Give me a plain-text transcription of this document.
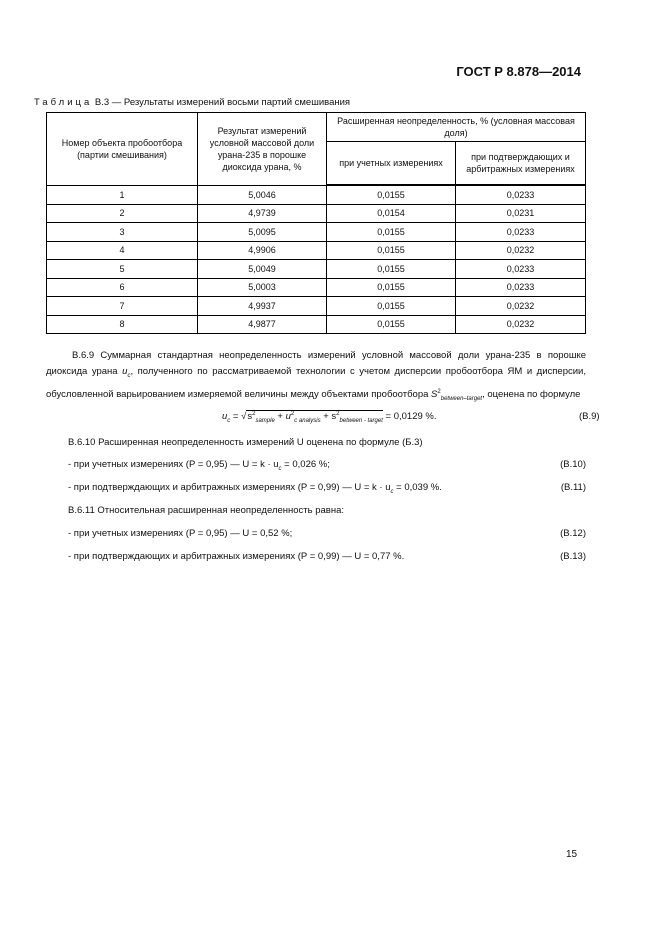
ГОСТ Р 8.878—2014
Таблица В.3 — Результаты измерений восьми партий смешивания
Номер объекта пробоотбора (партии смешивания)	Результат измерений условной массовой доли урана-235 в порошке диоксида урана, %	Расширенная неопределенность, % (условная массовая доля)	
		при учетных измерениях	при подтверждающих и арбитражных измерениях
1	5,0046	0,0155	0,0233
2	4,9739	0,0154	0,0231
3	5,0095	0,0155	0,0233
4	4,9906	0,0155	0,0232
5	5,0049	0,0155	0,0233
6	5,0003	0,0155	0,0233
7	4,9937	0,0155	0,0232
8	4,9877	0,0155	0,0232
В.6.9 Суммарная стандартная неопределенность измерений условной массовой доли урана-235 в порошке диоксида урана $u_c$, полученного по рассматриваемой технологии с учетом дисперсии пробоотбора ЯМ и дисперсии, обусловленной варьированием измеряемой величины между объектами пробоотбора $S^2_{between-target}$, оценена по формуле
$u_c = √s^2_{sample} + u^2_{c analysis} + s^2_{between - target} = 0,0129$ %.	(В.9)
В.6.10 Расширенная неопределенность измерений U оценена по формуле (Б.3)
- при учетных измерениях (P = 0,95) — $U = k \cdot u_c = 0,026$ %;	(В.10)
- при подтверждающих и арбитражных измерениях (P = 0,99) — $U = k \cdot u_c = 0,039$ %.	(В.11)
В.6.11 Относительная расширенная неопределенность равна:
- при учетных измерениях (P = 0,95) — U = 0,52 %;	(В.12)
- при подтверждающих и арбитражных измерениях (P = 0,99) — U = 0,77 %.	(В.13)
15
